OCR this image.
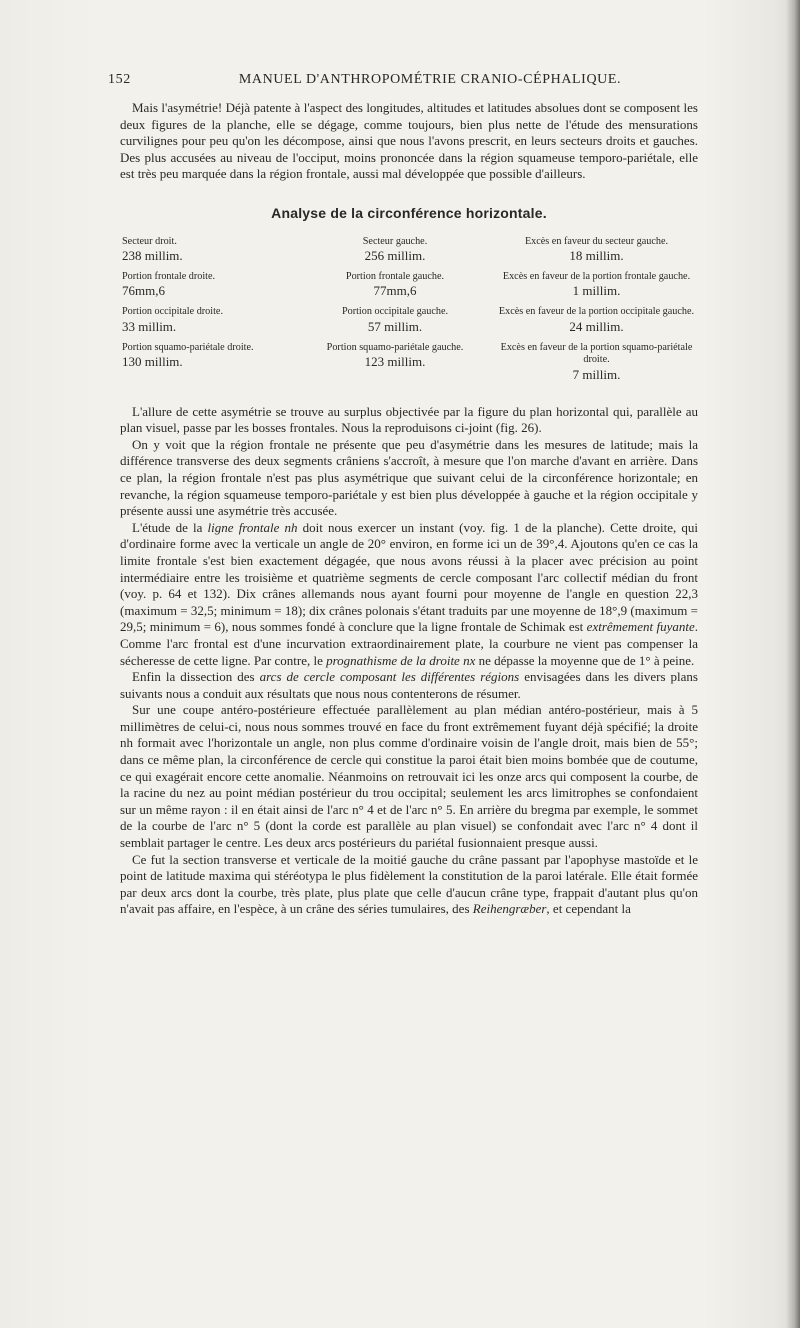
152	MANUEL D'ANTHROPOMÉTRIE CRANIO-CÉPHALIQUE.

Mais l'asymétrie! Déjà patente à l'aspect des longitudes, altitudes et latitudes absolues dont se composent les deux figures de la planche, elle se dégage, comme toujours, bien plus nette de l'étude des mensurations curvilignes pour peu qu'on les décompose, ainsi que nous l'avons prescrit, en leurs secteurs droits et gauches. Des plus accusées au niveau de l'occiput, moins prononcée dans la région squameuse temporo-pariétale, elle est très peu marquée dans la région frontale, aussi mal développée que possible d'ailleurs.

Analyse de la circonférence horizontale.
Secteur droit.
238 millim.
Portion frontale droite.
76mm,6
Portion occipitale droite.
33 millim.
Portion squamo-pariétale droite.
130 millim.
Secteur gauche.
256 millim.
Portion frontale gauche.
77mm,6
Portion occipitale gauche.
57 millim.
Portion squamo-pariétale gauche.
123 millim.
Excès en faveur du secteur gauche.
18 millim.
Excès en faveur de la portion frontale gauche.
1 millim.
Excès en faveur de la portion occipitale gauche.
24 millim.
Excès en faveur de la portion squamo-pariétale droite.
7 millim.

L'allure de cette asymétrie se trouve au surplus objectivée par la figure du plan horizontal qui, parallèle au plan visuel, passe par les bosses frontales. Nous la reproduisons ci-joint (fig. 26).

On y voit que la région frontale ne présente que peu d'asymétrie dans les mesures de latitude; mais la différence transverse des deux segments crâniens s'accroît, à mesure que l'on marche d'avant en arrière. Dans ce plan, la région frontale n'est pas plus asymétrique que suivant celui de la circonférence horizontale; en revanche, la région squameuse temporo-pariétale y est bien plus développée à gauche et la région occipitale y présente aussi une asymétrie très accusée.

L'étude de la ligne frontale nh doit nous exercer un instant (voy. fig. 1 de la planche). Cette droite, qui d'ordinaire forme avec la verticale un angle de 20° environ, en forme ici un de 39°,4. Ajoutons qu'en ce cas la limite frontale s'est bien exactement dégagée, que nous avons réussi à la placer avec précision au point intermédiaire entre les troisième et quatrième segments de cercle composant l'arc collectif médian du front (voy. p. 64 et 132). Dix crânes allemands nous ayant fourni pour moyenne de l'angle en question 22,3 (maximum = 32,5; minimum = 18); dix crânes polonais s'étant traduits par une moyenne de 18°,9 (maximum = 29,5; minimum = 6), nous sommes fondé à conclure que la ligne frontale de Schimak est extrêmement fuyante. Comme l'arc frontal est d'une incurvation extraordinairement plate, la courbure ne vient pas compenser la sécheresse de cette ligne. Par contre, le prognathisme de la droite nx ne dépasse la moyenne que de 1° à peine.

Enfin la dissection des arcs de cercle composant les différentes régions envisagées dans les divers plans suivants nous a conduit aux résultats que nous nous contenterons de résumer.

Sur une coupe antéro-postérieure effectuée parallèlement au plan médian antéro-postérieur, mais à 5 millimètres de celui-ci, nous nous sommes trouvé en face du front extrêmement fuyant déjà spécifié; la droite nh formait avec l'horizontale un angle, non plus comme d'ordinaire voisin de l'angle droit, mais bien de 55°; dans ce même plan, la circonférence de cercle qui constitue la paroi était bien moins bombée que de coutume, ce qui exagérait encore cette anomalie. Néanmoins on retrouvait ici les onze arcs qui composent la courbe, de la racine du nez au point médian postérieur du trou occipital; seulement les arcs limitrophes se confondaient sur un même rayon : il en était ainsi de l'arc n° 4 et de l'arc n° 5. En arrière du bregma par exemple, le sommet de la courbe de l'arc n° 5 (dont la corde est parallèle au plan visuel) se confondait avec l'arc n° 4 dont il semblait partager le centre. Les deux arcs postérieurs du pariétal fusionnaient presque aussi.

Ce fut la section transverse et verticale de la moitié gauche du crâne passant par l'apophyse mastoïde et le point de latitude maxima qui stéréotypa le plus fidèlement la constitution de la paroi latérale. Elle était formée par deux arcs dont la courbe, très plate, plus plate que celle d'aucun crâne type, frappait d'autant plus qu'on n'avait pas affaire, en l'espèce, à un crâne des séries tumulaires, des Reihengræber, et cependant la
